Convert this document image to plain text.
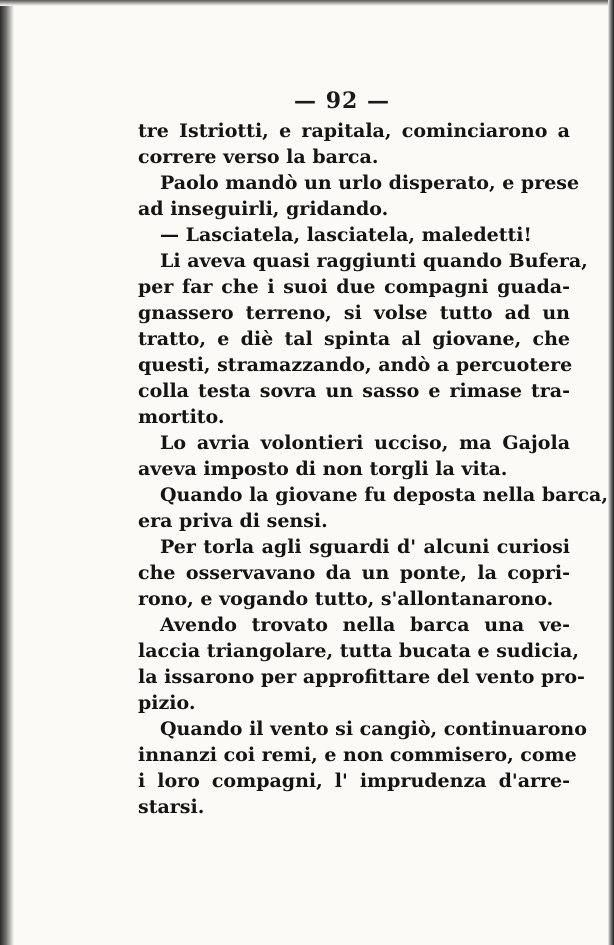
— 92 —
tre Istriotti, e rapitala, cominciarono a
correre verso la barca.
Paolo mandò un urlo disperato, e prese
ad inseguirli, gridando.
— Lasciatela, lasciatela, maledetti!
Li aveva quasi raggiunti quando Bufera,
per far che i suoi due compagni guada-
gnassero terreno, si volse tutto ad un
tratto, e diè tal spinta al giovane, che
questi, stramazzando, andò a percuotere
colla testa sovra un sasso e rimase tra-
mortito.
Lo avria volontieri ucciso, ma Gajola
aveva imposto di non torgli la vita.
Quando la giovane fu deposta nella barca,
era priva di sensi.
Per torla agli sguardi d' alcuni curiosi
che osservavano da un ponte, la copri-
rono, e vogando tutto, s'allontanarono.
Avendo trovato nella barca una ve-
laccia triangolare, tutta bucata e sudicia,
la issarono per approfittare del vento pro-
pizio.
Quando il vento si cangiò, continuarono
innanzi coi remi, e non commisero, come
i loro compagni, l' imprudenza d'arre-
starsi.
